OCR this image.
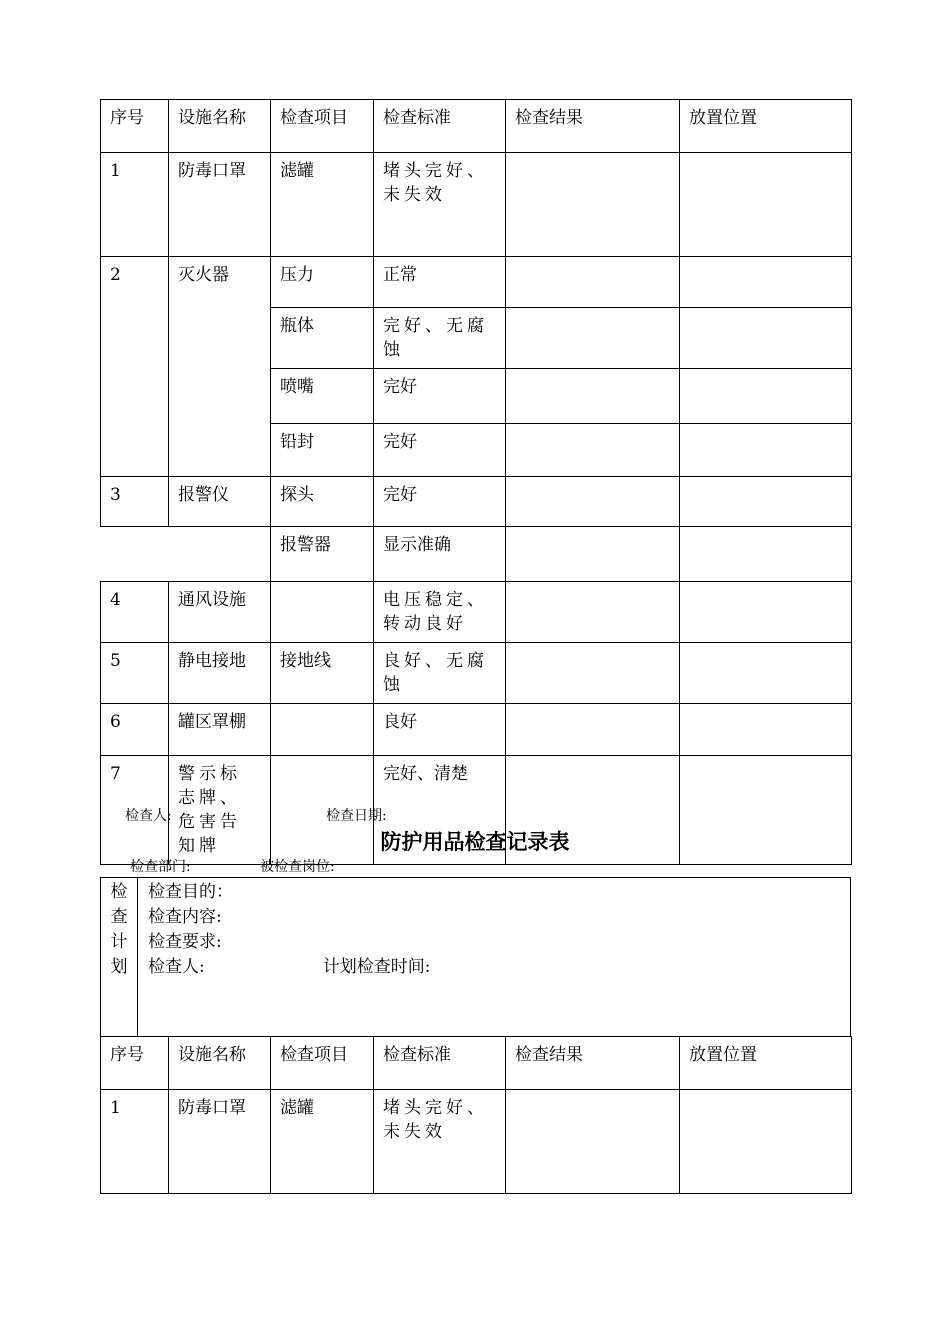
序号	设施名称	检查项目	检查标准	检查结果	放置位置
1	防毒口罩	滤罐	堵头完好、未失效		
2	灭火器	压力	正常		
		瓶体	完好、无腐蚀		
		喷嘴	完好		
		铅封	完好		
3	报警仪	探头	完好		
		报警器	显示准确		
4	通风设施		电压稳定、转动良好		
5	静电接地	接地线	良好、无腐蚀		
6	罐区罩棚		良好		
7	警示标志牌、危害告知牌		完好、清楚		
检查人:	检查日期:
防护用品检查记录表
检查部门:	被检查岗位:
检查计划
检查目的：
检查内容:
检查要求:
检查人:	计划检查时间:
序号	设施名称	检查项目	检查标准	检查结果	放置位置
1	防毒口罩	滤罐	堵头完好、未失效		
